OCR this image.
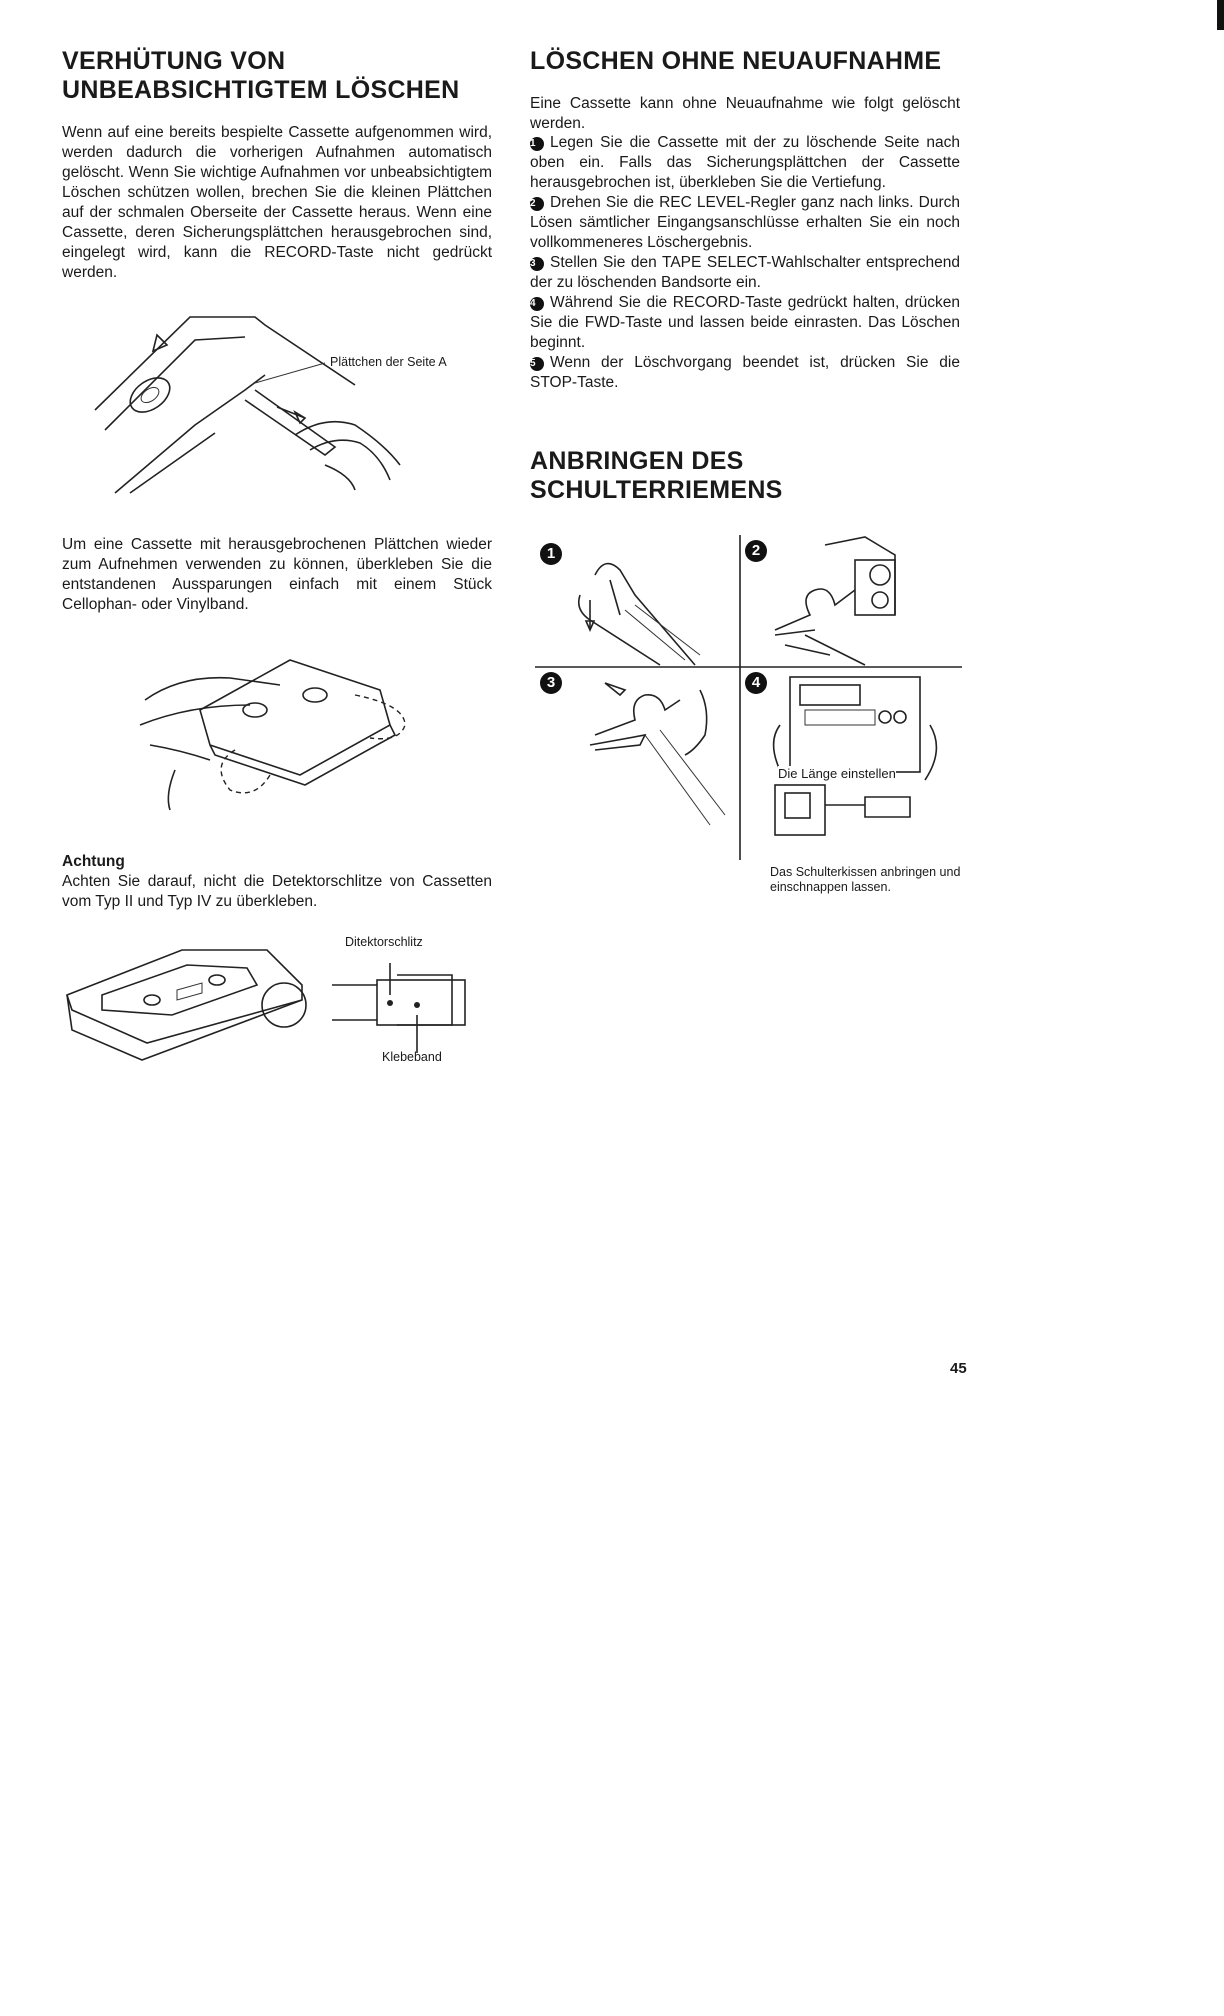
VERHÜTUNG VON
UNBEABSICHTIGTEM LÖSCHEN

Wenn auf eine bereits bespielte Cassette aufgenommen wird, werden dadurch die vorherigen Aufnahmen automatisch gelöscht. Wenn Sie wichtige Aufnahmen vor unbeabsichtigtem Löschen schützen wollen, brechen Sie die kleinen Plättchen auf der schmalen Oberseite der Cassette heraus. Wenn eine Cassette, deren Sicherungsplättchen herausgebrochen sind, eingelegt wird, kann die RECORD-Taste nicht gedrückt werden.

Plättchen der Seite A

Um eine Cassette mit herausgebrochenen Plättchen wieder zum Aufnehmen verwenden zu können, überkleben Sie die entstandenen Aussparungen einfach mit einem Stück Cellophan- oder Vinylband.

Achtung

Achten Sie darauf, nicht die Detektorschlitze von Cassetten vom Typ II und Typ IV zu überkleben.

Ditektorschlitz
Klebeband
LÖSCHEN OHNE NEUAUFNAHME

Eine Cassette kann ohne Neuaufnahme wie folgt gelöscht werden.

1 Legen Sie die Cassette mit der zu löschende Seite nach oben ein. Falls das Sicherungsplättchen der Cassette herausgebrochen ist, überkleben Sie die Vertiefung.

2 Drehen Sie die REC LEVEL-Regler ganz nach links. Durch Lösen sämtlicher Eingangsanschlüsse erhalten Sie ein noch vollkommeneres Löschergebnis.

3 Stellen Sie den TAPE SELECT-Wahlschalter entsprechend der zu löschenden Bandsorte ein.

4 Während Sie die RECORD-Taste gedrückt halten, drücken Sie die FWD-Taste und lassen beide einrasten. Das Löschen beginnt.

5 Wenn der Löschvorgang beendet ist, drücken Sie die STOP-Taste.

ANBRINGEN DES
SCHULTERRIEMENS
1	2
3	4
Die Länge einstellen
Das Schulterkissen anbringen und einschnappen lassen.
45
